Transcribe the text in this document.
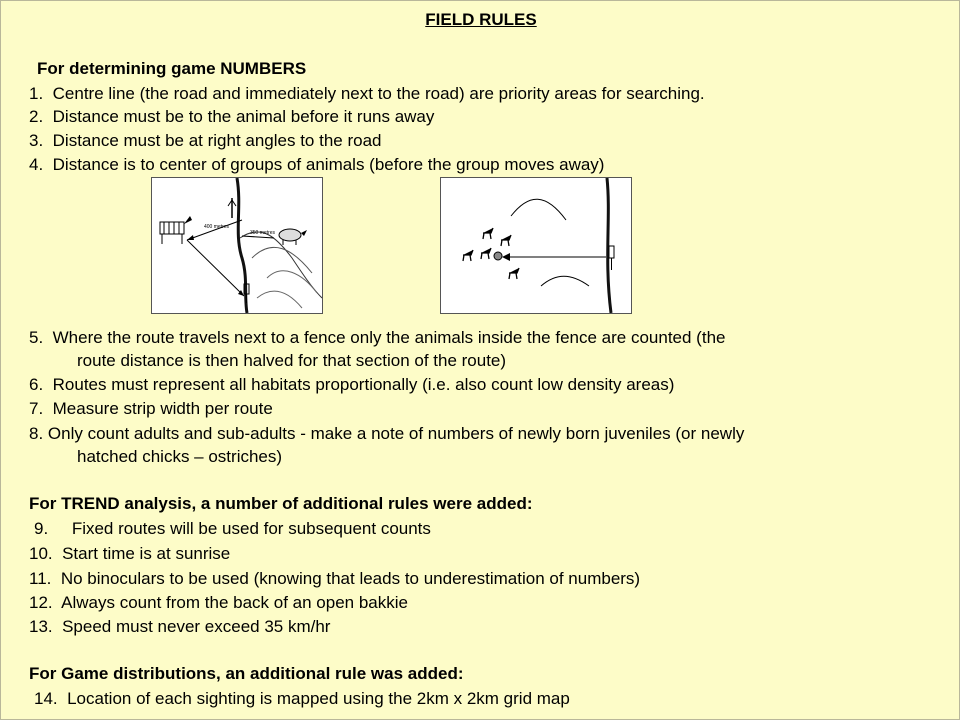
FIELD RULES
For determining game NUMBERS
1. Centre line (the road and immediately next to the road) are priority areas for searching.
2. Distance must be to the animal before it runs away
3. Distance must be at right angles to the road
4. Distance is to center of groups of animals (before the group moves away)
400 metres
350 metres
5. Where the route travels next to a fence only the animals inside the fence are counted (the
route distance is then halved for that section of the route)
6. Routes must represent all habitats proportionally (i.e. also count low density areas)
7. Measure strip width per route
8. Only count adults and sub-adults - make a note of numbers of newly born juveniles (or newly
hatched chicks – ostriches)
For TREND analysis, a number of additional rules were added:
9. Fixed routes will be used for subsequent counts
10. Start time is at sunrise
11. No binoculars to be used (knowing that leads to underestimation of numbers)
12. Always count from the back of an open bakkie
13. Speed must never exceed 35 km/hr
For Game distributions, an additional rule was added:
14. Location of each sighting is mapped using the 2km x 2km grid map
